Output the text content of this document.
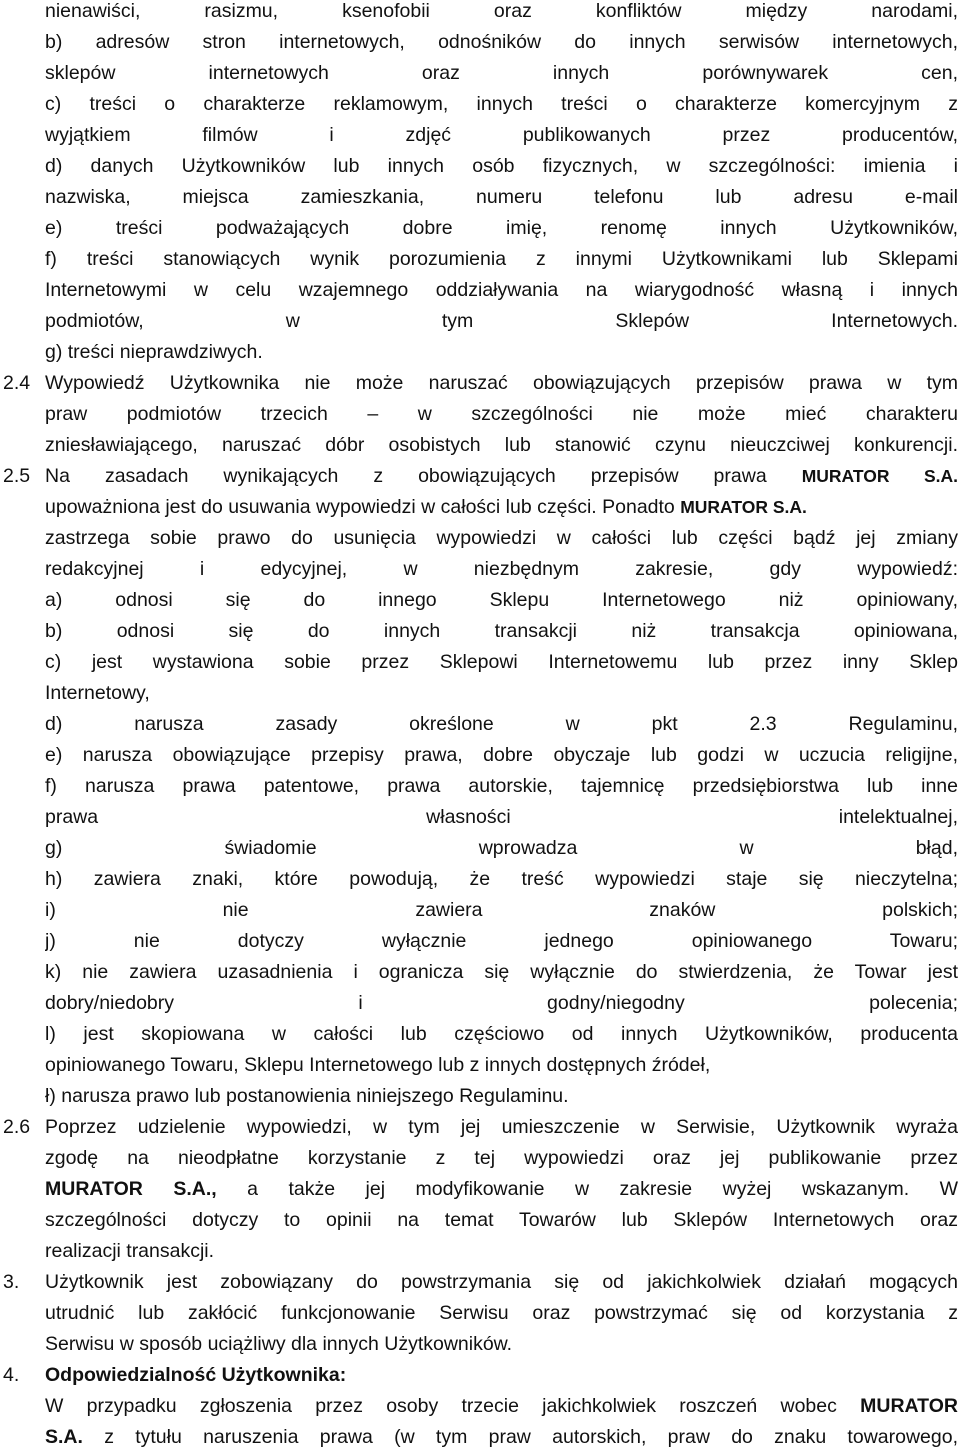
nienawiści, rasizmu, ksenofobii oraz konfliktów między narodami,
b) adresów stron internetowych, odnośników do innych serwisów internetowych,
sklepów internetowych oraz innych porównywarek cen,
c) treści o charakterze reklamowym, innych treści o charakterze komercyjnym z
wyjątkiem filmów i zdjęć publikowanych przez producentów,
d) danych Użytkowników lub innych osób fizycznych, w szczególności: imienia i
nazwiska, miejsca zamieszkania, numeru telefonu lub adresu e-mail
e) treści podważających dobre imię, renomę innych Użytkowników,
f) treści stanowiących wynik porozumienia z innymi Użytkownikami lub Sklepami
Internetowymi w celu wzajemnego oddziaływania na wiarygodność własną i innych
podmiotów, w tym Sklepów Internetowych.
g) treści nieprawdziwych.
2.4 Wypowiedź Użytkownika nie może naruszać obowiązujących przepisów prawa w tym
praw podmiotów trzecich – w szczególności nie może mieć charakteru
zniesławiającego, naruszać dóbr osobistych lub stanowić czynu nieuczciwej konkurencji.
2.5 Na zasadach wynikających z obowiązujących przepisów prawa MURATOR S.A.
upoważniona jest do usuwania wypowiedzi w całości lub części. Ponadto MURATOR S.A.
zastrzega sobie prawo do usunięcia wypowiedzi w całości lub części bądź jej zmiany
redakcyjnej i edycyjnej, w niezbędnym zakresie, gdy wypowiedź:
a) odnosi się do innego Sklepu Internetowego niż opiniowany,
b) odnosi się do innych transakcji niż transakcja opiniowana,
c) jest wystawiona sobie przez Sklepowi Internetowemu lub przez inny Sklep
Internetowy,
d) narusza zasady określone w pkt 2.3 Regulaminu,
e) narusza obowiązujące przepisy prawa, dobre obyczaje lub godzi w uczucia religijne,
f) narusza prawa patentowe, prawa autorskie, tajemnicę przedsiębiorstwa lub inne
prawa własności intelektualnej,
g) świadomie wprowadza w błąd,
h) zawiera znaki, które powodują, że treść wypowiedzi staje się nieczytelna;
i) nie zawiera znaków polskich;
j) nie dotyczy wyłącznie jednego opiniowanego Towaru;
k) nie zawiera uzasadnienia i ogranicza się wyłącznie do stwierdzenia, że Towar jest
dobry/niedobry i godny/niegodny polecenia;
l) jest skopiowana w całości lub częściowo od innych Użytkowników, producenta
opiniowanego Towaru, Sklepu Internetowego lub z innych dostępnych źródeł,
ł) narusza prawo lub postanowienia niniejszego Regulaminu.
2.6 Poprzez udzielenie wypowiedzi, w tym jej umieszczenie w Serwisie, Użytkownik wyraża
zgodę na nieodpłatne korzystanie z tej wypowiedzi oraz jej publikowanie przez
MURATOR S.A., a także jej modyfikowanie w zakresie wyżej wskazanym. W
szczególności dotyczy to opinii na temat Towarów lub Sklepów Internetowych oraz
realizacji transakcji.
3. Użytkownik jest zobowiązany do powstrzymania się od jakichkolwiek działań mogących
utrudnić lub zakłócić funkcjonowanie Serwisu oraz powstrzymać się od korzystania z
Serwisu w sposób uciążliwy dla innych Użytkowników.
4. Odpowiedzialność Użytkownika:
W przypadku zgłoszenia przez osoby trzecie jakichkolwiek roszczeń wobec MURATOR
S.A. z tytułu naruszenia prawa (w tym praw autorskich, praw do znaku towarowego,
